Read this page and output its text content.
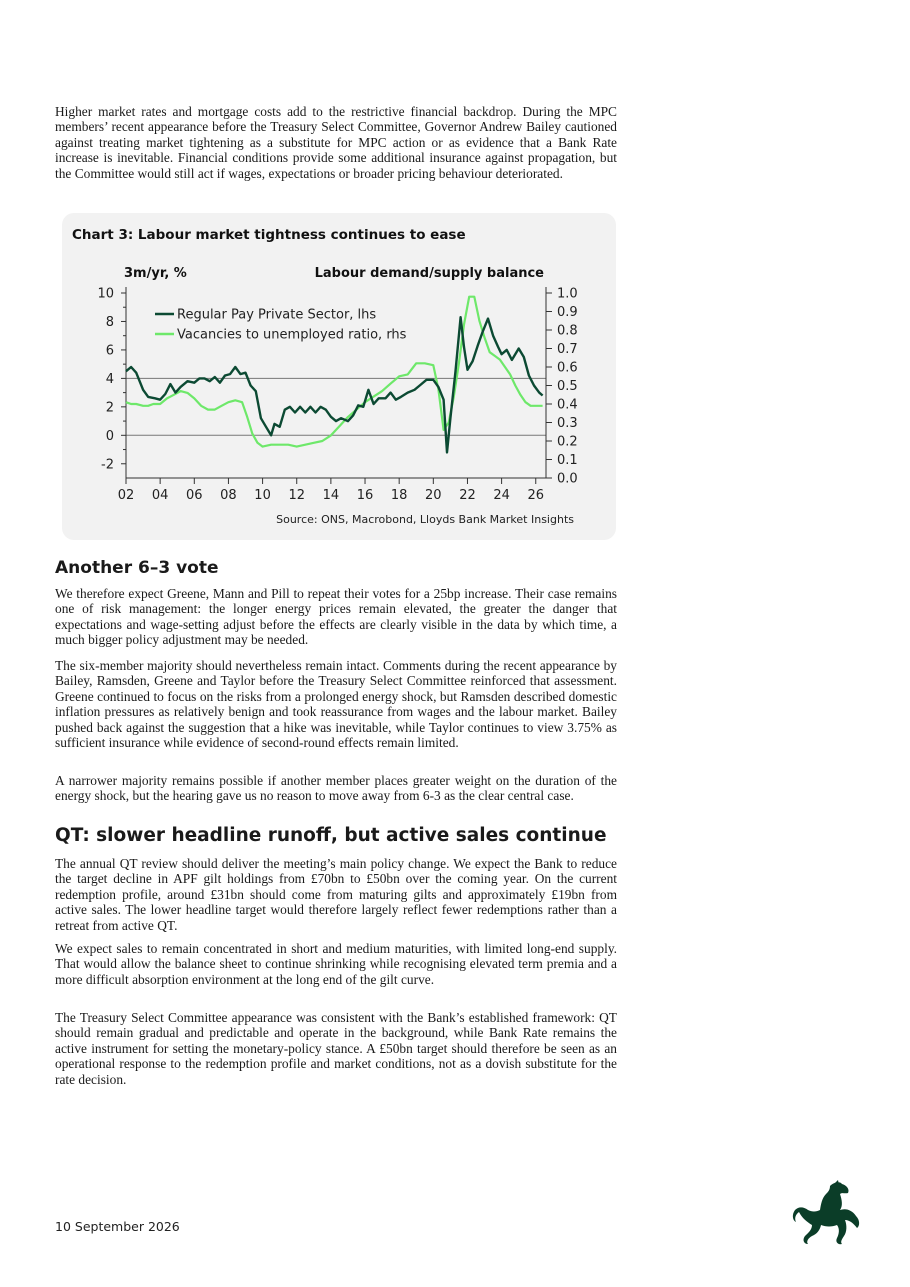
Higher market rates and mortgage costs add to the restrictive financial backdrop. During the MPC members’ recent appearance before the Treasury Select Committee, Governor Andrew Bailey cautioned against treating market tightening as a substitute for MPC action or as evidence that a Bank Rate increase is inevitable. Financial conditions provide some additional insurance against propagation, but the Committee would still act if wages, expectations or broader pricing behaviour deteriorated.

Chart 3: Labour market tightness continues to ease

3m/yr, %	Labour demand/supply balance
Source: ONS, Macrobond, Lloyds Bank Market Insights
10
8
6
4
2
0
-2
1.0
0.9
0.8
0.7
0.6
0.5
0.4
0.3
0.2
0.1
0.0
02 04 06 08 10 12 14 16 18 20 22 24 26
Regular Pay Private Sector, lhs
Vacancies to unemployed ratio, rhs
Another 6–3 vote

We therefore expect Greene, Mann and Pill to repeat their votes for a 25bp increase. Their case remains one of risk management: the longer energy prices remain elevated, the greater the danger that expectations and wage-setting adjust before the effects are clearly visible in the data by which time, a much bigger policy adjustment may be needed.

The six-member majority should nevertheless remain intact. Comments during the recent appearance by Bailey, Ramsden, Greene and Taylor before the Treasury Select Committee reinforced that assessment. Greene continued to focus on the risks from a prolonged energy shock, but Ramsden described domestic inflation pressures as relatively benign and took reassurance from wages and the labour market. Bailey pushed back against the suggestion that a hike was inevitable, while Taylor continues to view 3.75% as sufficient insurance while evidence of second-round effects remain limited.

A narrower majority remains possible if another member places greater weight on the duration of the energy shock, but the hearing gave us no reason to move away from 6-3 as the clear central case.

QT: slower headline runoff, but active sales continue

The annual QT review should deliver the meeting’s main policy change. We expect the Bank to reduce the target decline in APF gilt holdings from £70bn to £50bn over the coming year. On the current redemption profile, around £31bn should come from maturing gilts and approximately £19bn from active sales. The lower headline target would therefore largely reflect fewer redemptions rather than a retreat from active QT.

We expect sales to remain concentrated in short and medium maturities, with limited long-end supply. That would allow the balance sheet to continue shrinking while recognising elevated term premia and a more difficult absorption environment at the long end of the gilt curve.

The Treasury Select Committee appearance was consistent with the Bank’s established framework: QT should remain gradual and predictable and operate in the background, while Bank Rate remains the active instrument for setting the monetary-policy stance. A £50bn target should therefore be seen as an operational response to the redemption profile and market conditions, not as a dovish substitute for the rate decision.

10 September 2026
